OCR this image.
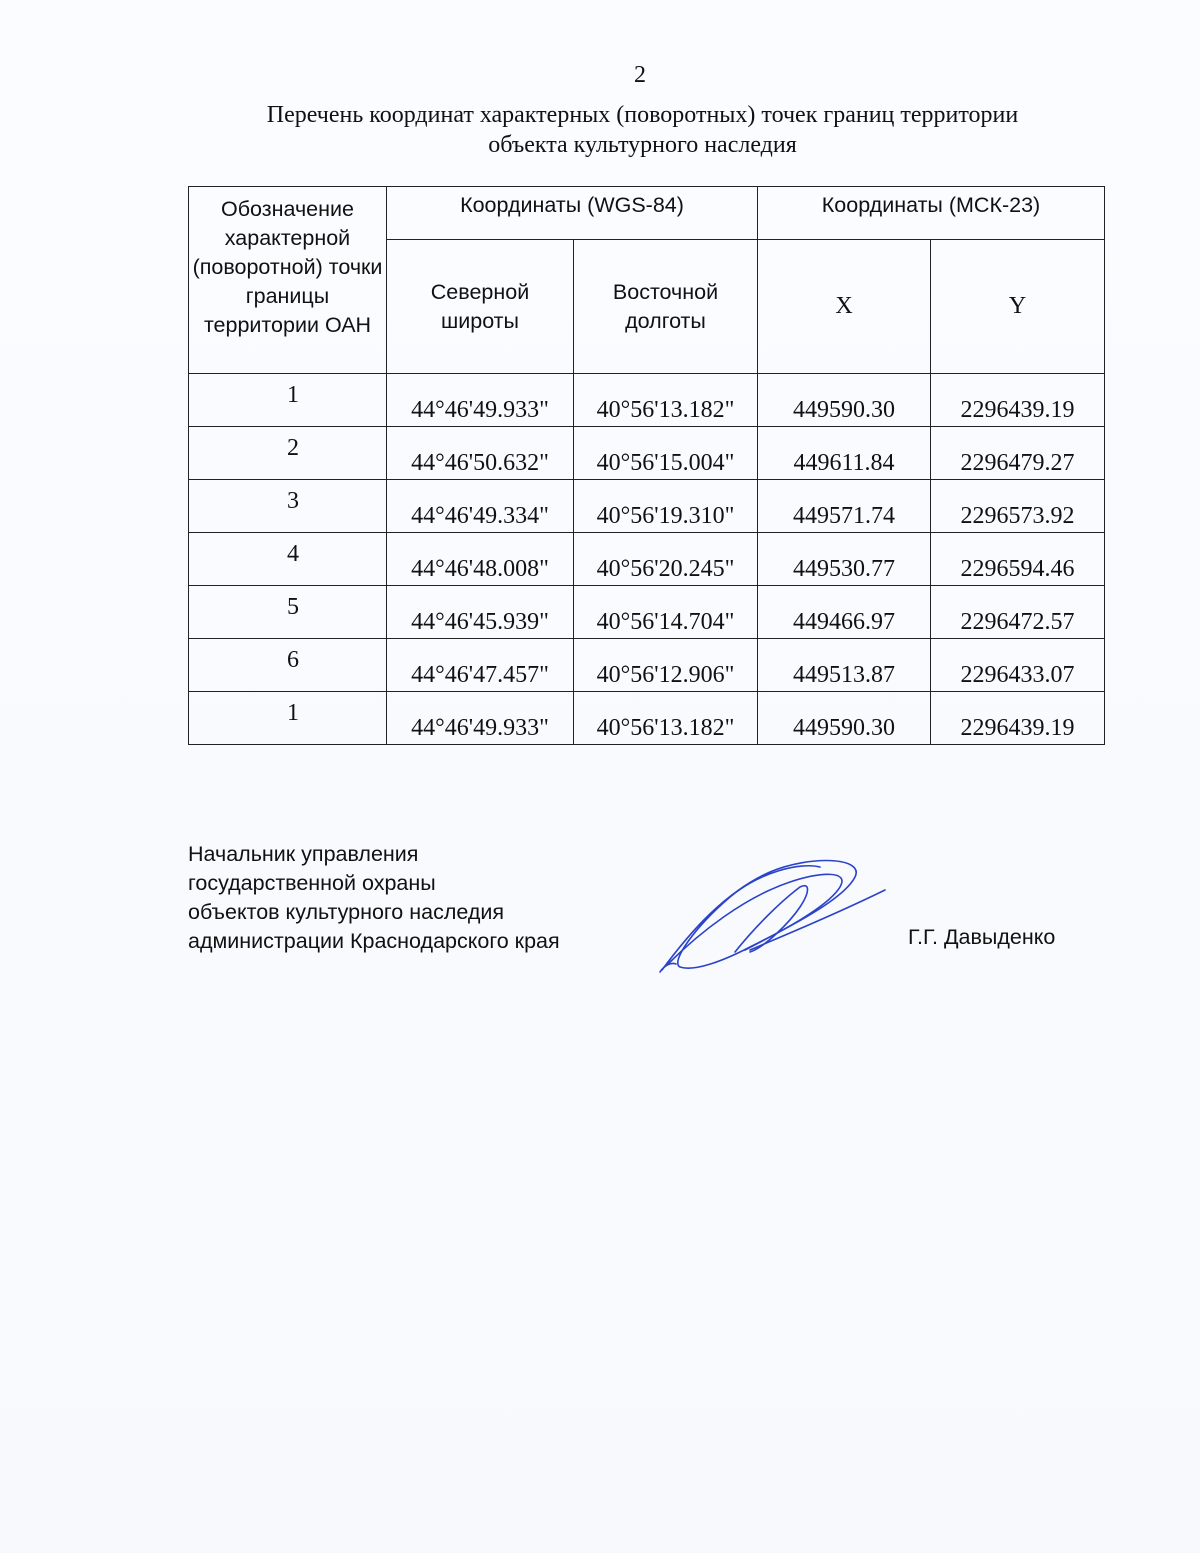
2
Перечень координат характерных (поворотных) точек границ территории
объекта культурного наследия
Обозначение характерной (поворотной) точки границы территории ОАН	Координаты (WGS-84)		Координаты (МСК-23)	

	Северной широты	Восточной долготы	X	Y
1	44°46'49.933"	40°56'13.182"	449590.30	2296439.19
2	44°46'50.632"	40°56'15.004"	449611.84	2296479.27
3	44°46'49.334"	40°56'19.310"	449571.74	2296573.92
4	44°46'48.008"	40°56'20.245"	449530.77	2296594.46
5	44°46'45.939"	40°56'14.704"	449466.97	2296472.57
6	44°46'47.457"	40°56'12.906"	449513.87	2296433.07
1	44°46'49.933"	40°56'13.182"	449590.30	2296439.19
Начальник управления
государственной охраны
объектов культурного наследия
администрации Краснодарского края	Г.Г. Давыденко
